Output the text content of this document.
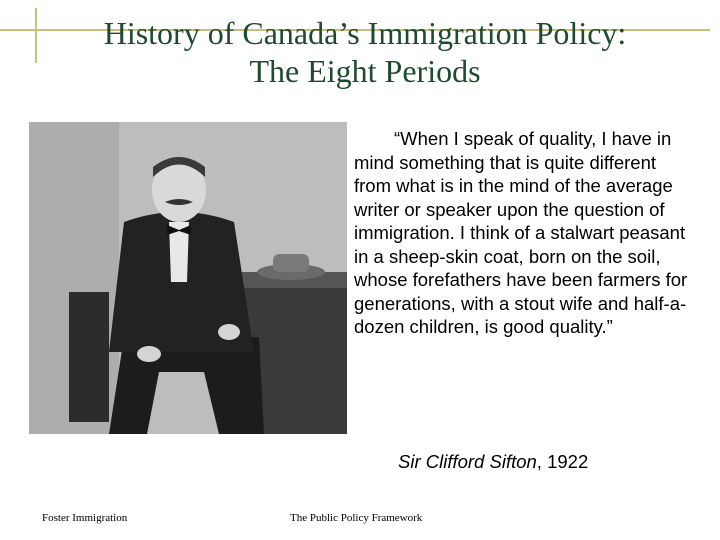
History of Canada’s Immigration Policy:
The Eight Periods
“When I speak of quality, I have in mind something that is quite different from what is in the mind of the average writer or speaker upon the question of immigration. I think of a stalwart peasant in a sheep-skin coat, born on the soil, whose forefathers have been farmers for generations, with a stout wife and half-a-dozen children, is good quality.”
Sir Clifford Sifton, 1922
Foster Immigration	The Public Policy Framework
